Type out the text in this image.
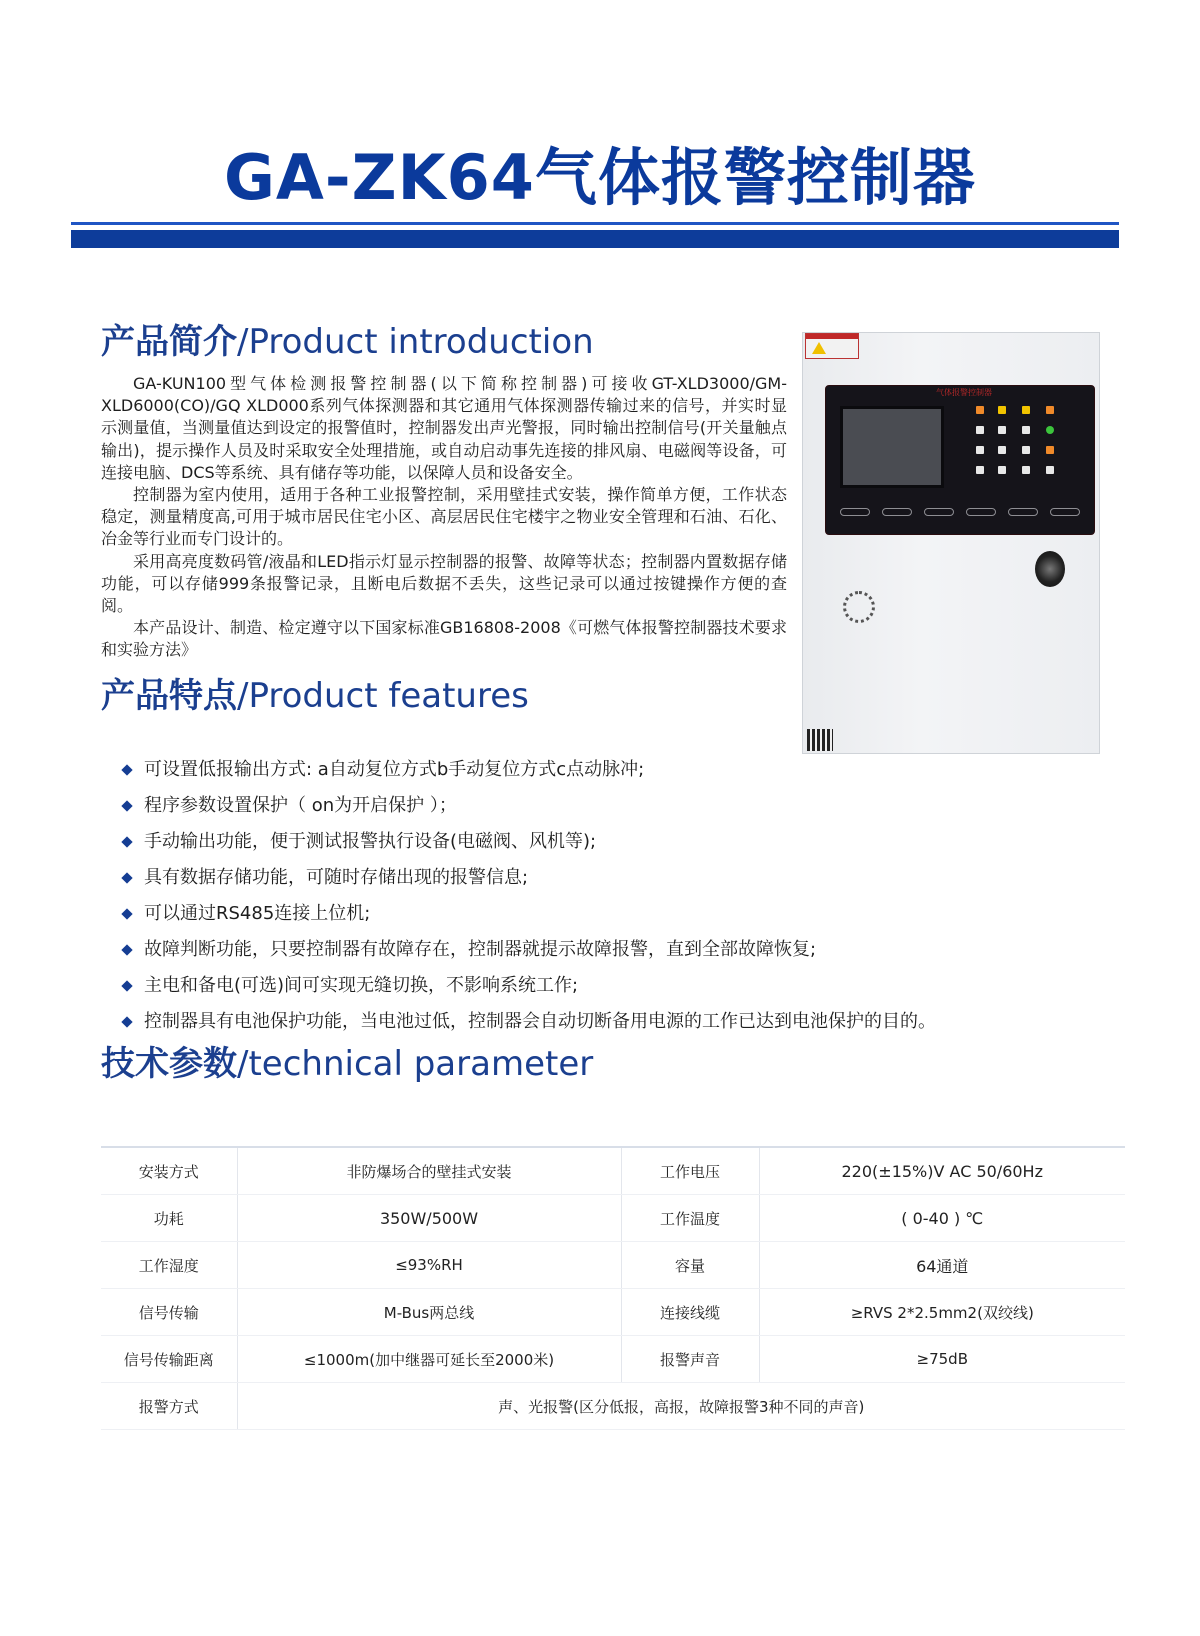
GA-ZK64气体报警控制器
产品简介/Product introduction

GA-KUN100型气体检测报警控制器(以下简称控制器)可接收GT-XLD3000/GM-XLD6000(CO)/GQ XLD000系列气体探测器和其它通用气体探测器传输过来的信号，并实时显示测量值，当测量值达到设定的报警值时，控制器发出声光警报，同时输出控制信号(开关量触点输出)，提示操作人员及时采取安全处理措施，或自动启动事先连接的排风扇、电磁阀等设备，可连接电脑、DCS等系统、具有储存等功能，以保障人员和设备安全。

控制器为室内使用，适用于各种工业报警控制，采用壁挂式安装，操作简单方便，工作状态稳定，测量精度高,可用于城市居民住宅小区、高层居民住宅楼宇之物业安全管理和石油、石化、冶金等行业而专门设计的。

采用高亮度数码管/液晶和LED指示灯显示控制器的报警、故障等状态；控制器内置数据存储功能，可以存储999条报警记录，且断电后数据不丢失，这些记录可以通过按键操作方便的查阅。

本产品设计、制造、检定遵守以下国家标准GB16808-2008《可燃气体报警控制器技术要求和实验方法》

气体报警控制器
产品特点/Product features
可设置低报输出方式: a自动复位方式b手动复位方式c点动脉冲;
程序参数设置保护（ on为开启保护 ）；
手动输出功能，便于测试报警执行设备(电磁阀、风机等);
具有数据存储功能，可随时存储出现的报警信息;
可以通过RS485连接上位机;
故障判断功能，只要控制器有故障存在，控制器就提示故障报警，直到全部故障恢复;
主电和备电(可选)间可实现无缝切换，不影响系统工作;
控制器具有电池保护功能，当电池过低，控制器会自动切断备用电源的工作已达到电池保护的目的。
技术参数/technical parameter
安装方式	非防爆场合的壁挂式安装	工作电压	220(±15%)V AC 50/60Hz
功耗	350W/500W	工作温度	( 0-40 ) ℃
工作湿度	≤93%RH	容量	64通道
信号传输	M-Bus两总线	连接线缆	≥RVS 2*2.5mm2(双绞线)
信号传输距离	≤1000m(加中继器可延长至2000米)	报警声音	≥75dB
报警方式	声、光报警(区分低报，高报，故障报警3种不同的声音)		
